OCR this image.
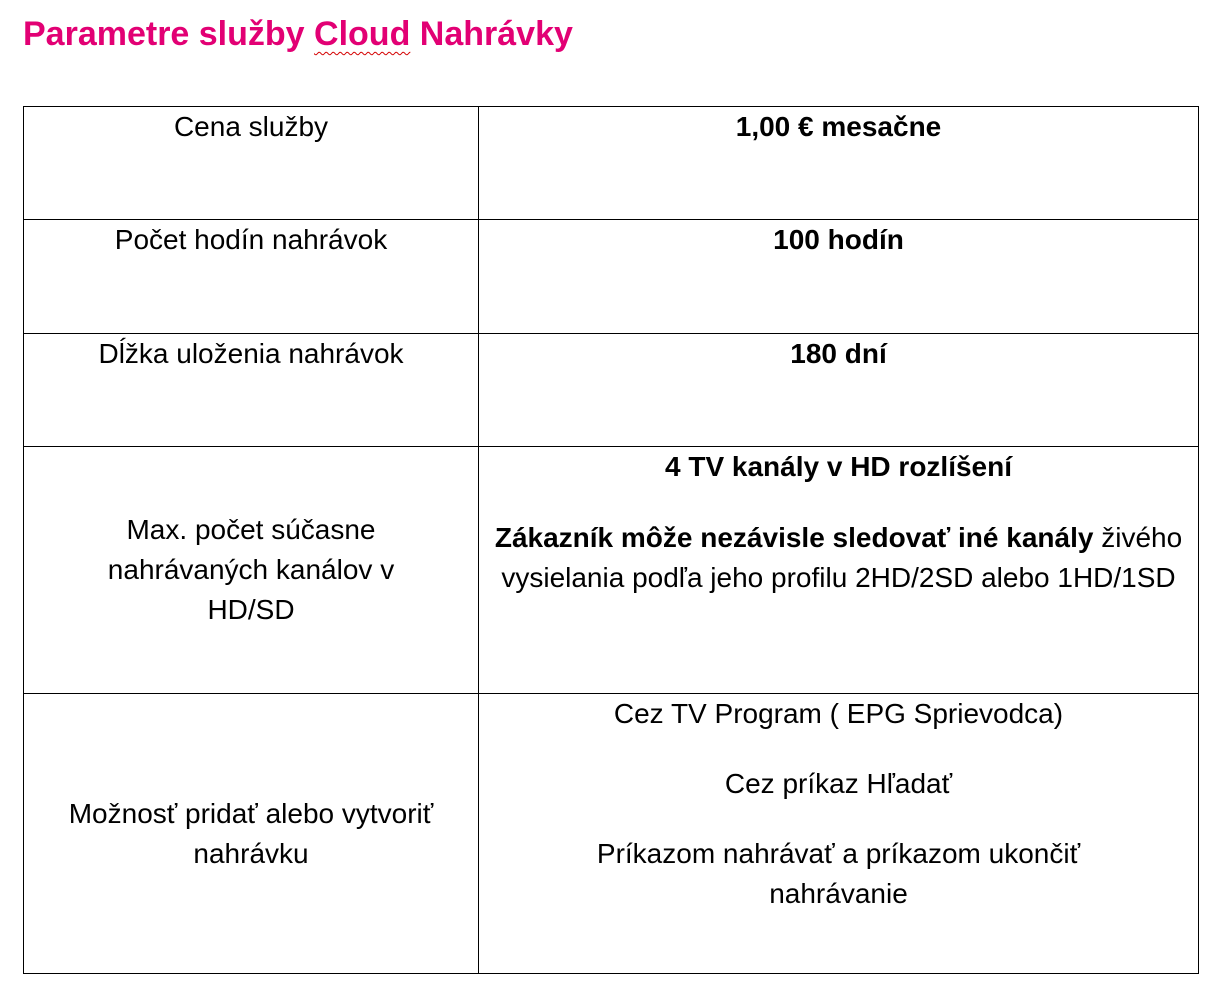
Parametre služby Cloud Nahrávky
Cena služby	1,00 € mesačne
Počet hodín nahrávok	100 hodín
Dĺžka uloženia nahrávok	180 dní
Max. počet súčasne nahrávaných kanálov v HD/SD	4 TV kanály v HD rozlíšení

Zákazník môže nezávisle sledovať iné kanály živého vysielania podľa jeho profilu 2HD/2SD alebo 1HD/1SD

Možnosť pridať alebo vytvoriť nahrávku	Cez TV Program ( EPG Sprievodca)

Cez príkaz Hľadať

Príkazom nahrávať a príkazom ukončiť nahrávanie
